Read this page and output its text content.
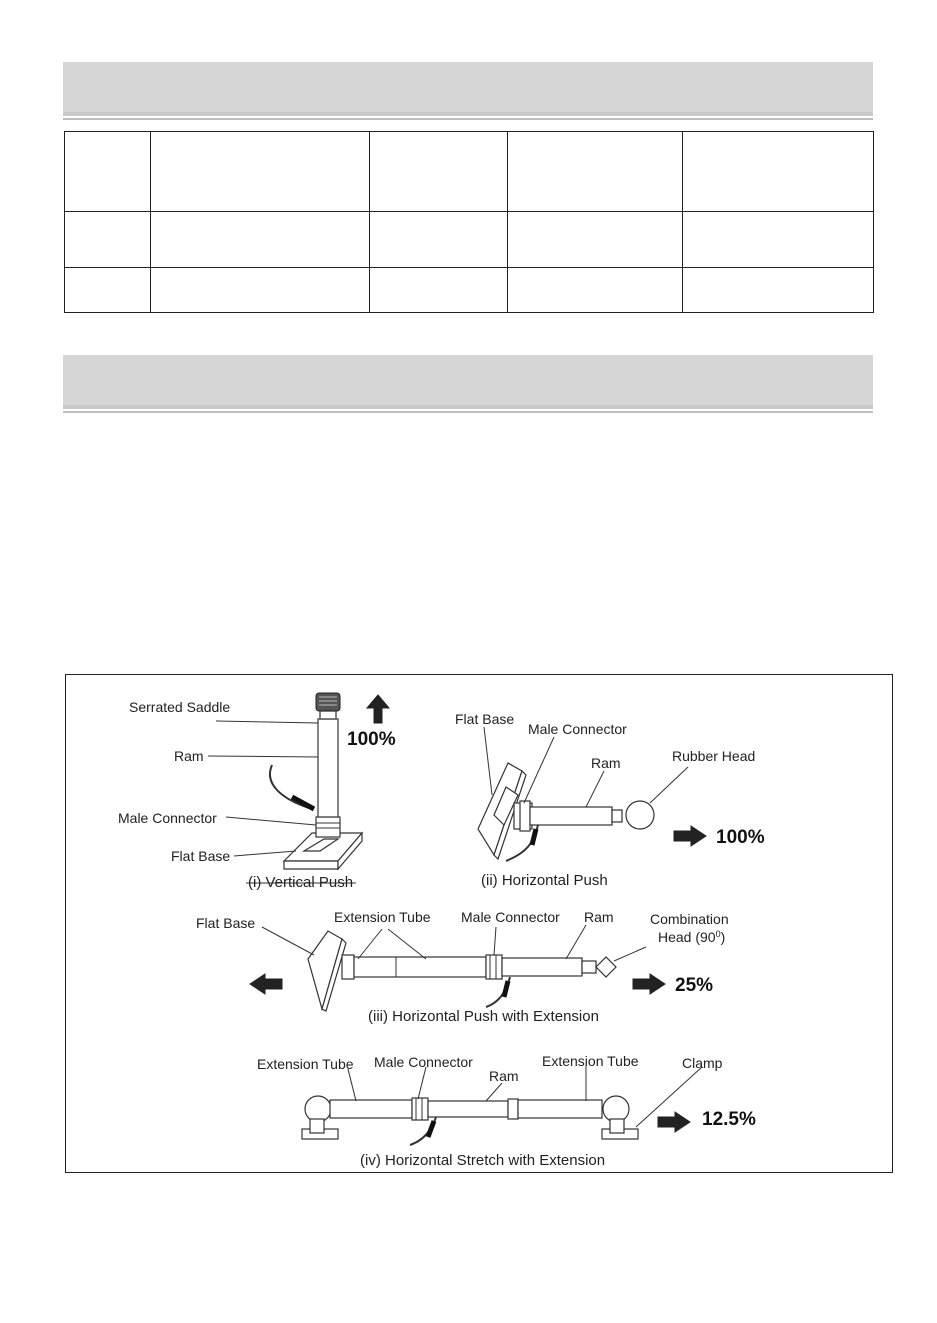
Serrated Saddle
Ram
Male Connector
Flat Base
100%
(i) Vertical Push
Flat Base
Male Connector
Ram	Rubber Head
100%
(ii) Horizontal Push
Flat Base	Extension Tube Male Connector Ram	Combination
Head $(90^0)$
25%
(iii) Horizontal Push with Extension
Extension Tube Male Connector
Ram
Extension Tube	Clamp
12.5%
(iv) Horizontal Stretch with Extension
